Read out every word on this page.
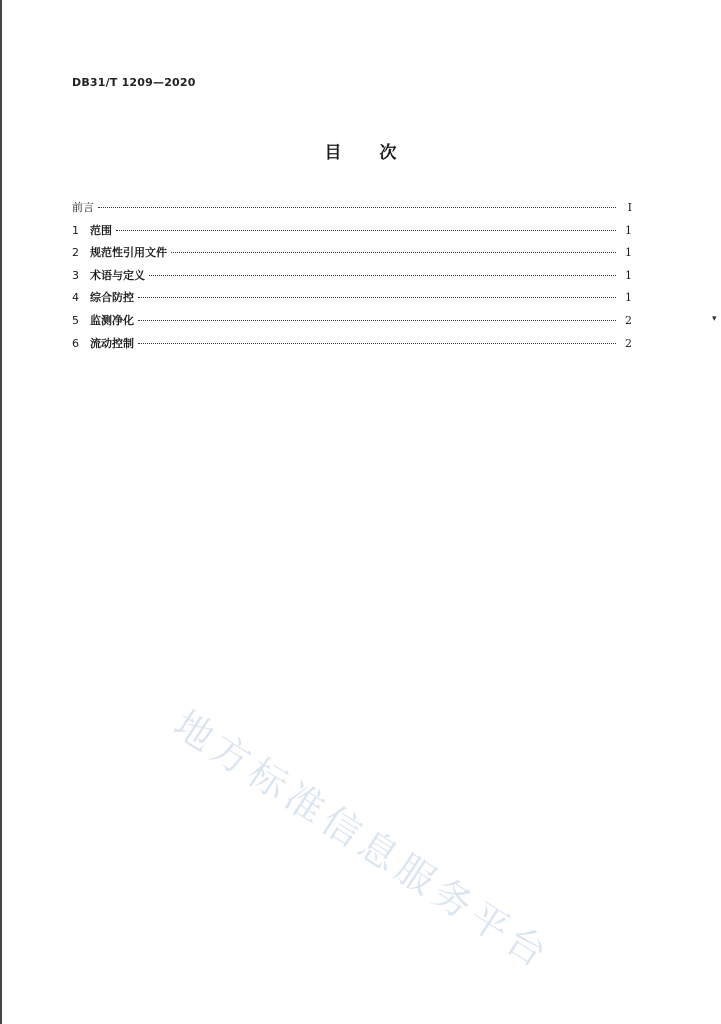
DB31/T 1209—2020
目 次
前言	I
1	范围	1
2	规范性引用文件	1
3	术语与定义	1
4	综合防控	1
5	监测净化	2
6	流动控制	2
▾
地方标准信息服务平台
